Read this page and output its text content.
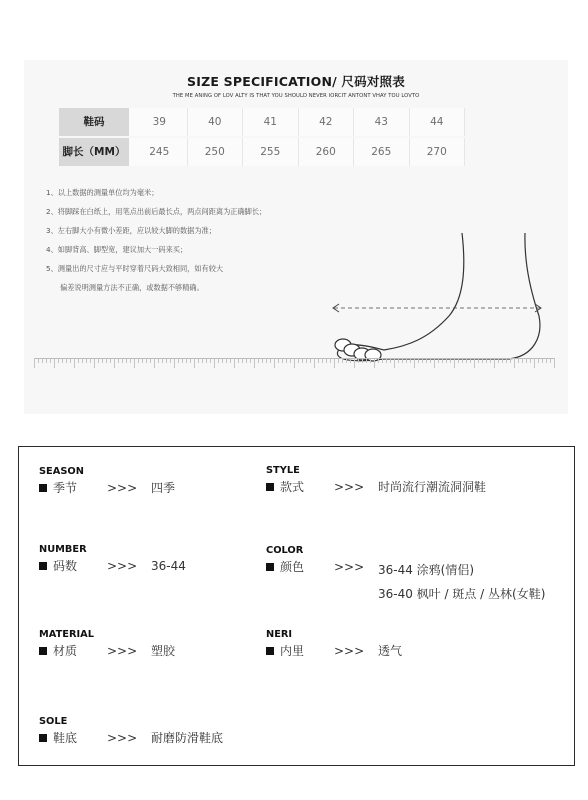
SIZE SPECIFICATION/ 尺码对照表
THE ME ANING OF LOV ALTY IS THAT YOU SHOULD NEVER IORCIT ANTONT VHAY TOU LOVTO
鞋码	39	40	41	42	43	44
脚长（MM）	245	250	255	260	265	270
1、以上数据的测量单位均为毫米；
2、将脚踩在白纸上，用笔点出前后最长点，两点间距离为正确脚长；
3、左右脚大小有微小差距，应以较大脚的数据为准；
4、如脚背高、脚型宽，建议加大一码来买；
5、测量出的尺寸应与平时穿着尺码大致相同，如有较大
偏差说明测量方法不正确，或数据不够精确。
SEASON
季节 >>> 四季
STYLE
款式 >>> 时尚流行潮流洞洞鞋
NUMBER
码数 >>> 36-44
COLOR
颜色 >>> 36-44 涂鸦(情侣)
36-40 枫叶 / 斑点 / 丛林(女鞋)
MATERIAL
材质 >>> 塑胶
NERI
内里 >>> 透气
SOLE
鞋底 >>> 耐磨防滑鞋底
